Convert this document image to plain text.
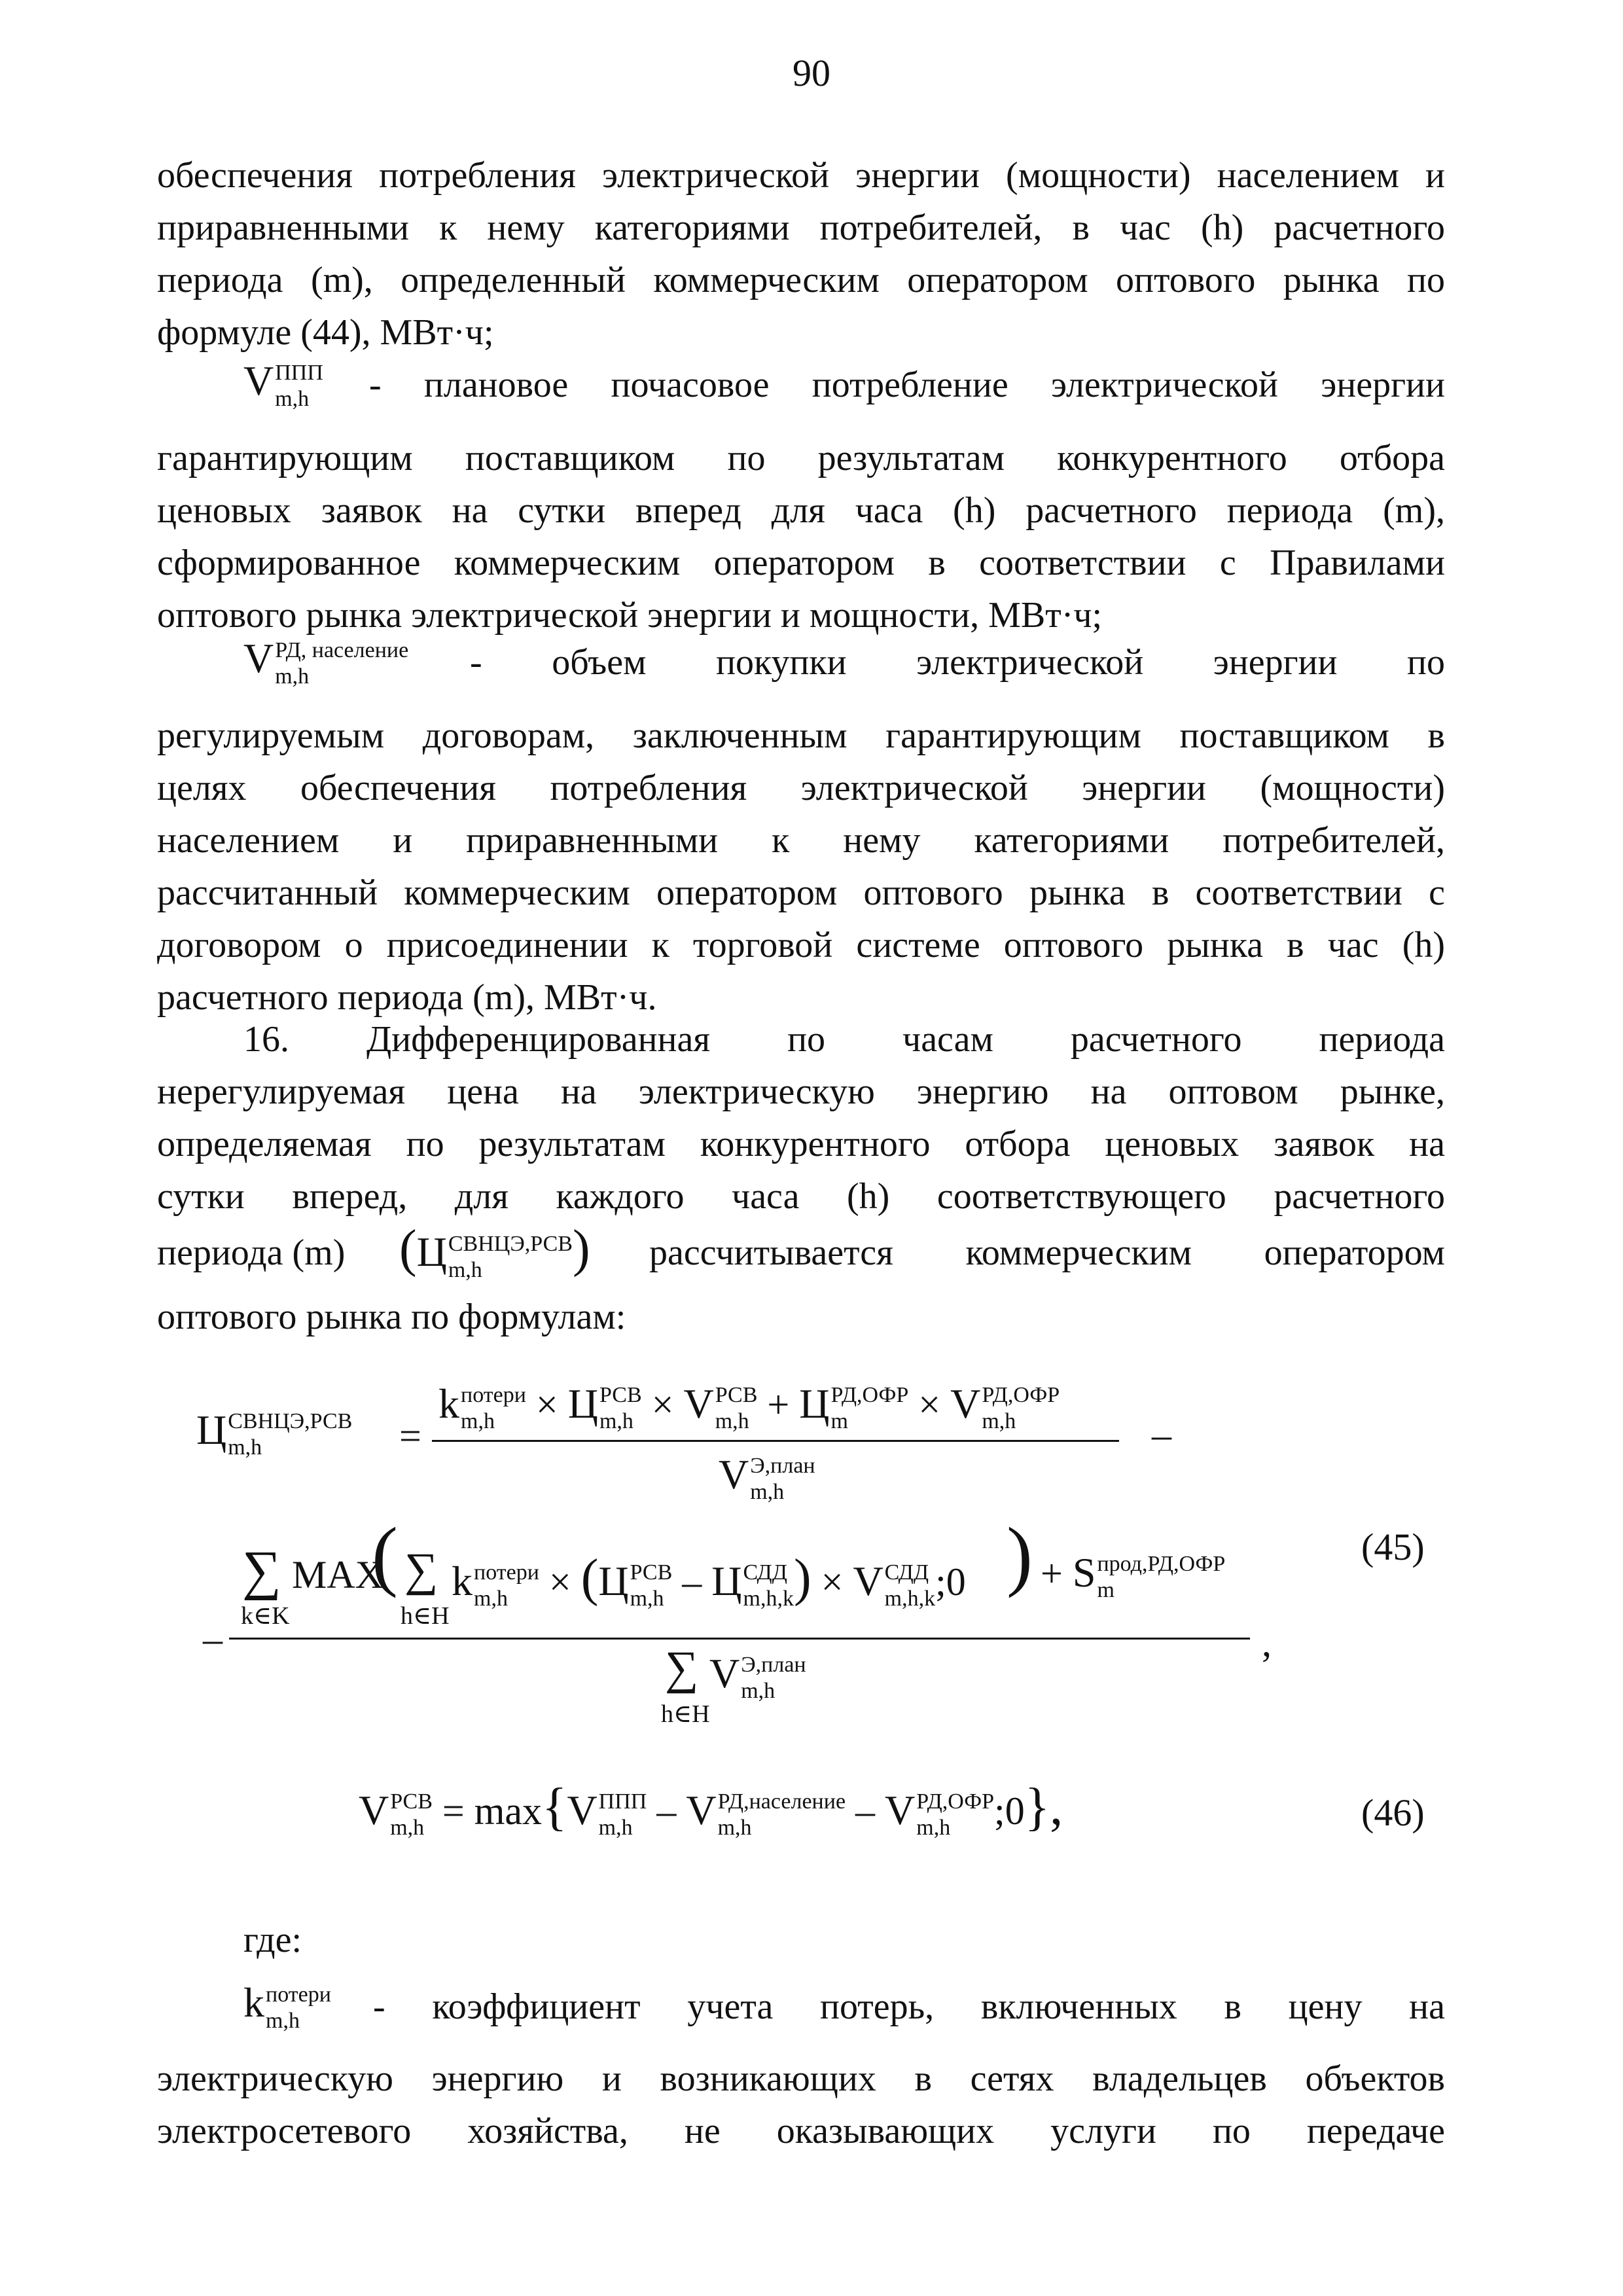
90
обеспечения потребления электрической энергии (мощности) населением и
приравненными к нему категориями потребителей, в час (h) расчетного
периода (m), определенный коммерческим оператором оптового рынка по
формуле (44), МВт·ч;
V ППП
m,h	- плановое почасовое потребление электрической энергии
гарантирующим поставщиком по результатам конкурентного отбора
ценовых заявок на сутки вперед для часа (h) расчетного периода (m),
сформированное коммерческим оператором в соответствии с Правилами
оптового рынка электрической энергии и мощности, МВт·ч;
V РД, население
m,h	- объем покупки электрической энергии по
регулируемым договорам, заключенным гарантирующим поставщиком в
целях обеспечения потребления электрической энергии (мощности)
населением и приравненными к нему категориями потребителей,
рассчитанный коммерческим оператором оптового рынка в соответствии с
договором о присоединении к торговой системе оптового рынка в час (h)
расчетного периода (m), МВт·ч.
16. Дифференцированная по часам расчетного периода
нерегулируемая цена на электрическую энергию на оптовом рынке,
определяемая по результатам конкурентного отбора ценовых заявок на
сутки вперед, для каждого часа (h) соответствующего расчетного
периода (m) (Ц СВНЦЭ,РСВ
m,h	) рассчитывается коммерческим оператором
оптового рынка по формулам:
Ц СВНЦЭ,РСВ
m,h	=
k потери
m,h	× Ц РСВ
m,h × V РСВ
m,h + Ц РД,ОФР
m	× V РД,ОФР
m,h
V Э,план
m,h
–
–
∑
k∈K
MAX
( ∑
h∈H
k потери
m,h	× (Ц РСВ
m,h – Ц СДД
m,h,k ) × V СДД
m,h,k ;0 ) + S прод,РД,ОФР
m
(45)
,
∑
h∈H
V Э,план
m,h
V РСВ
m,h = max{V ППП
m,h – V РД,население
m,h	– V РД,ОФР
m,h	;0},	(46)
где:
k потери
m,h	- коэффициент учета потерь, включенных в цену на
электрическую энергию и возникающих в сетях владельцев объектов
электросетевого хозяйства, не оказывающих услуги по передаче
